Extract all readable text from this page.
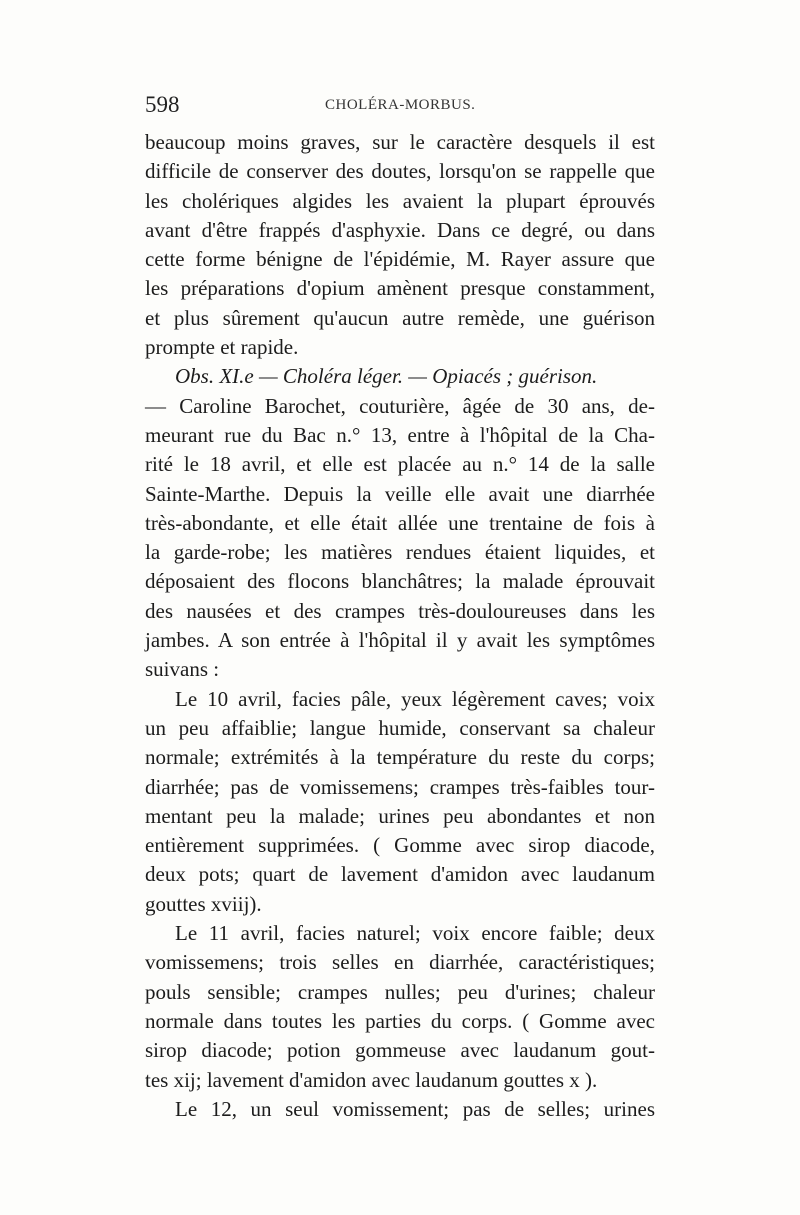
598	CHOLÉRA-MORBUS.
beaucoup moins graves, sur le caractère desquels il est
difficile de conserver des doutes, lorsqu'on se rappelle que
les cholériques algides les avaient la plupart éprouvés
avant d'être frappés d'asphyxie. Dans ce degré, ou dans
cette forme bénigne de l'épidémie, M. Rayer assure que
les préparations d'opium amènent presque constamment,
et plus sûrement qu'aucun autre remède, une guérison
prompte et rapide.
Obs. XI.e — Choléra léger. — Opiacés ; guérison.
— Caroline Barochet, couturière, âgée de 30 ans, de-
meurant rue du Bac n.° 13, entre à l'hôpital de la Cha-
rité le 18 avril, et elle est placée au n.° 14 de la salle
Sainte-Marthe. Depuis la veille elle avait une diarrhée
très-abondante, et elle était allée une trentaine de fois à
la garde-robe; les matières rendues étaient liquides, et
déposaient des flocons blanchâtres; la malade éprouvait
des nausées et des crampes très-douloureuses dans les
jambes. A son entrée à l'hôpital il y avait les symptômes
suivans :
Le 10 avril, facies pâle, yeux légèrement caves; voix
un peu affaiblie; langue humide, conservant sa chaleur
normale; extrémités à la température du reste du corps;
diarrhée; pas de vomissemens; crampes très-faibles tour-
mentant peu la malade; urines peu abondantes et non
entièrement supprimées. ( Gomme avec sirop diacode,
deux pots; quart de lavement d'amidon avec laudanum
gouttes xviij).
Le 11 avril, facies naturel; voix encore faible; deux
vomissemens; trois selles en diarrhée, caractéristiques;
pouls sensible; crampes nulles; peu d'urines; chaleur
normale dans toutes les parties du corps. ( Gomme avec
sirop diacode; potion gommeuse avec laudanum gout-
tes xij; lavement d'amidon avec laudanum gouttes x ).
Le 12, un seul vomissement; pas de selles; urines
